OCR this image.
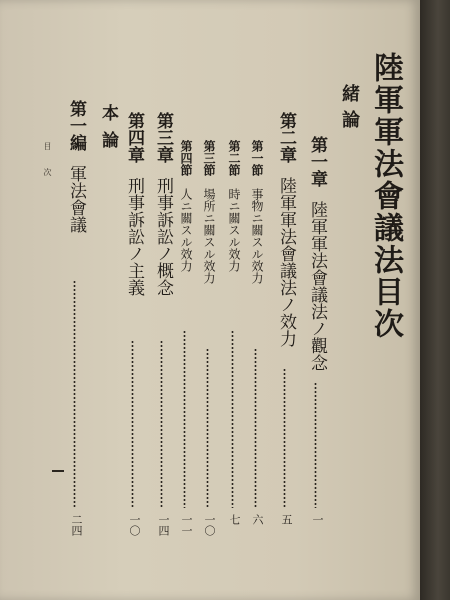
陸軍軍法會議法目次
緒論
第一章陸軍軍法會議法ノ觀念
一
第二章陸軍軍法會議法ノ效力
五
第一節事物ニ關スル效力
六
第二節時ニ關スル效力
七
第三節場所ニ關スル效力
一〇
第四節人ニ關スル效力
一一
第三章刑事訴訟ノ概念
一四
第四章刑事訴訟ノ主義
一〇
本論
第一編軍法會議
二四
目次
